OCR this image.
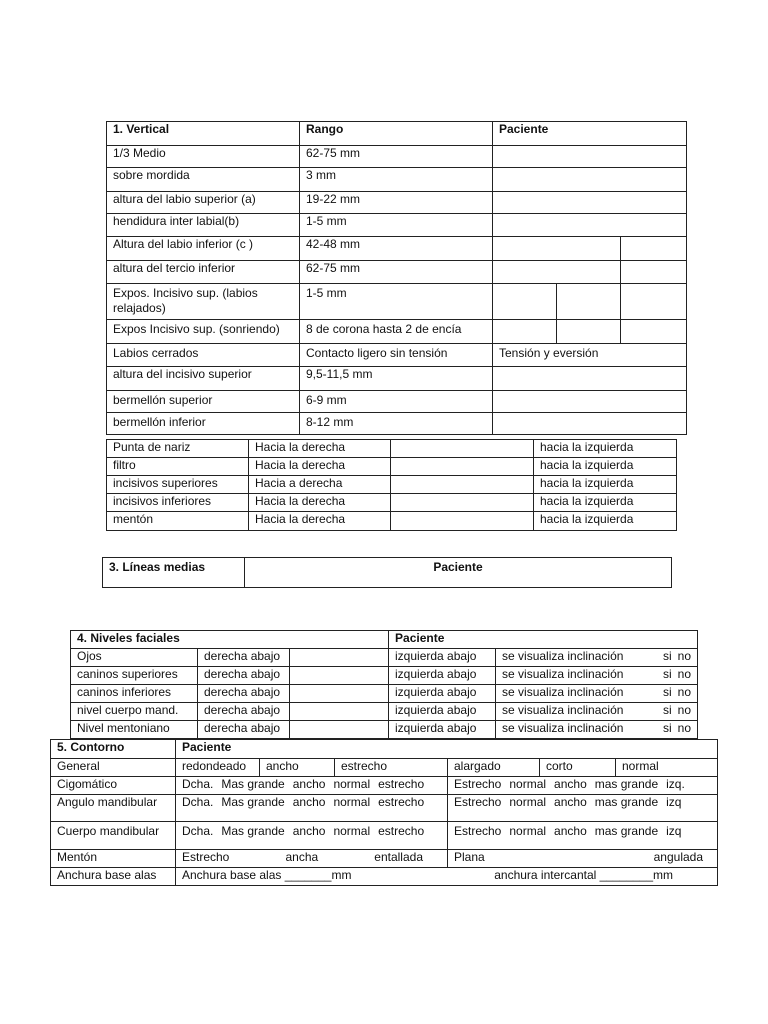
1. Vertical	Rango	Paciente		
1/3 Medio	62-75 mm			
sobre mordida	3 mm			
altura del labio superior (a)	19-22 mm			
hendidura inter labial(b)	1-5 mm			
Altura del labio inferior (c )	42-48 mm			
altura del tercio inferior	62-75 mm			
Expos. Incisivo sup. (labios relajados)	1-5 mm			
Expos Incisivo sup. (sonriendo)	8 de corona hasta 2 de encía			
Labios cerrados	Contacto ligero sin tensión	Tensión y eversión		
altura del incisivo superior	9,5-11,5 mm			
bermellón superior	6-9 mm			
bermellón inferior	8-12 mm			
Punta de nariz	Hacia la derecha		hacia la izquierda
filtro	Hacia la derecha		hacia la izquierda
incisivos superiores	Hacia a derecha		hacia la izquierda
incisivos inferiores	Hacia la derecha		hacia la izquierda
mentón	Hacia la derecha		hacia la izquierda
3. Líneas medias	Paciente
4. Niveles faciales			Paciente	
Ojos	derecha abajo		izquierda abajo	se visualiza inclinación si no

caninos superiores	derecha abajo		izquierda abajo	se visualiza inclinación si no

caninos inferiores	derecha abajo		izquierda abajo	se visualiza inclinación si no

nivel cuerpo mand.	derecha abajo		izquierda abajo	se visualiza inclinación si no

Nivel mentoniano	derecha abajo		izquierda abajo	se visualiza inclinación si no
5. Contorno	Paciente					
General	redondeado	ancho	estrecho	alargado	corto	normal
Cigomático	Dcha. Mas grande ancho normal estrecho			Estrecho normal ancho mas grande izq.		

Angulo mandibular	Dcha. Mas grande ancho normal estrecho			Estrecho normal ancho mas grande izq		

Cuerpo mandibular	Dcha. Mas grande ancho normal estrecho			Estrecho normal ancho mas grande izq		

Mentón	Estrecho ancha entallada			Plana angulada		

Anchura base alas	Anchura base alas _______mm anchura intercantal ________mm					
